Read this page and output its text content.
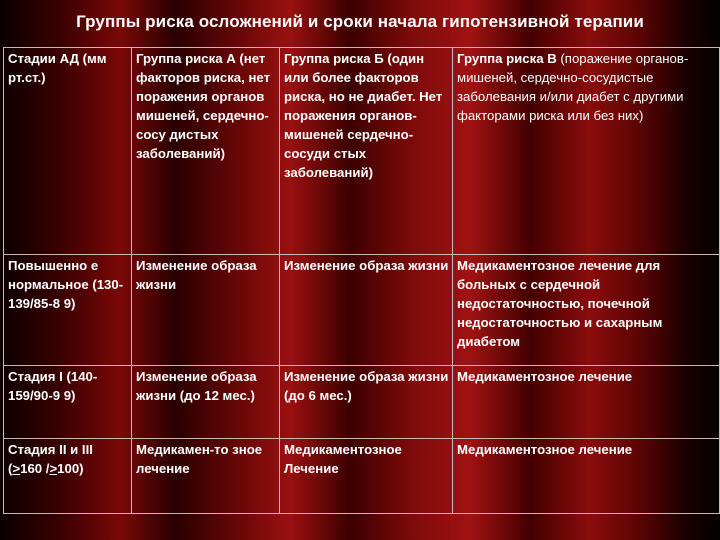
Группы риска осложнений и сроки начала гипотензивной терапии
Стадии АД (мм рт.ст.)	Группа риска А (нет факторов риска, нет поражения органов мишеней, сердечно-сосу дистых заболеваний)	Группа риска Б (один или более факторов риска, но не диабет. Нет поражения органов-мишеней сердечно-сосуди стых заболеваний)	Группа риска В (поражение органов-мишеней, сердечно-сосудистые заболевания и/или диабет с другими факторами риска или без них)
Повышенно е нормальное (130-139/85-8 9)	Изменение образа жизни	Изменение образа жизни	Медикаментозное лечение для больных с сердечной недостаточностью, почечной недостаточностью и сахарным диабетом
Стадия I (140-159/90-9 9)	Изменение образа жизни (до 12 мес.)	Изменение образа жизни (до 6 мес.)	Медикаментозное лечение
Стадия II и III (>160 />100)	Медикамен-то зное лечение	Медикаментозное Лечение	Медикаментозное лечение
